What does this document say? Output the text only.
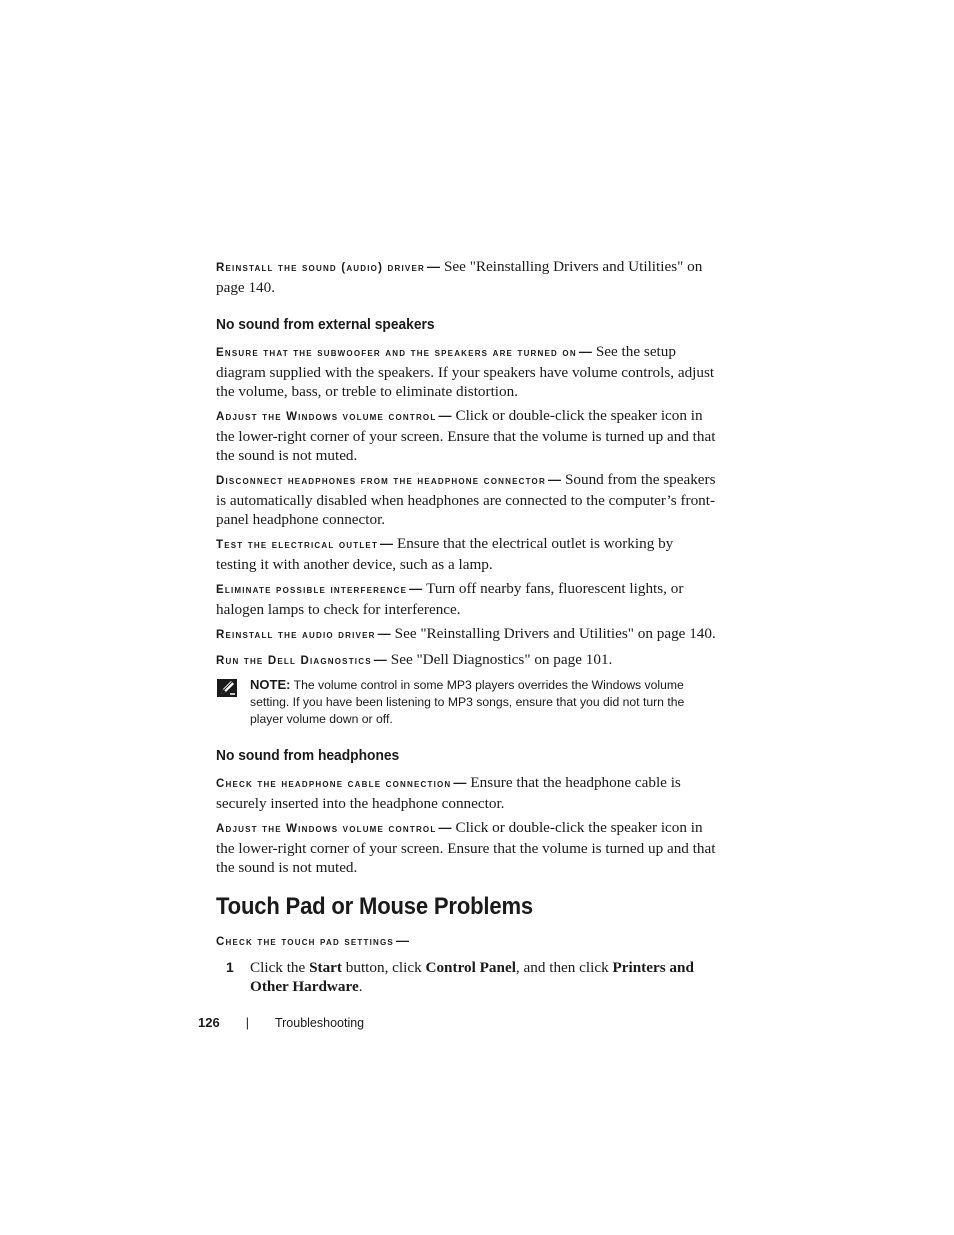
Reinstall the sound (audio) driver — See "Reinstalling Drivers and Utilities" on page 140.

No sound from external speakers

Ensure that the subwoofer and the speakers are turned on — See the setup diagram supplied with the speakers. If your speakers have volume controls, adjust the volume, bass, or treble to eliminate distortion.

Adjust the Windows volume control — Click or double-click the speaker icon in the lower-right corner of your screen. Ensure that the volume is turned up and that the sound is not muted.

Disconnect headphones from the headphone connector — Sound from the speakers is automatically disabled when headphones are connected to the computer’s front-panel headphone connector.

Test the electrical outlet — Ensure that the electrical outlet is working by testing it with another device, such as a lamp.

Eliminate possible interference — Turn off nearby fans, fluorescent lights, or halogen lamps to check for interference.

Reinstall the audio driver — See "Reinstalling Drivers and Utilities" on page 140.

Run the Dell Diagnostics — See "Dell Diagnostics" on page 101.

NOTE: The volume control in some MP3 players overrides the Windows volume setting. If you have been listening to MP3 songs, ensure that you did not turn the player volume down or off.
No sound from headphones

Check the headphone cable connection — Ensure that the headphone cable is securely inserted into the headphone connector.

Adjust the Windows volume control — Click or double-click the speaker icon in the lower-right corner of your screen. Ensure that the volume is turned up and that the sound is not muted.

Touch Pad or Mouse Problems

Check the touch pad settings —

1	Click the Start button, click Control Panel, and then click Printers and Other Hardware.
126 | Troubleshooting
